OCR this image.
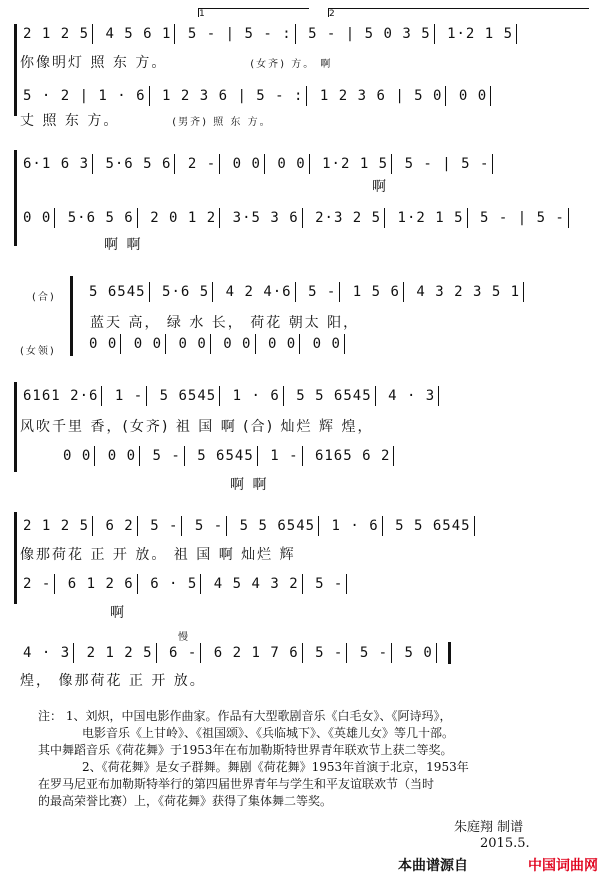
1	2
2 1 2 5 4 5 6 1 5 - | 5 - : 5 - | 5 0 3 5 1·2 1 5
你像明灯 照 东 方。	(女齐) 方。 啊
5 · 2 | 1 · 6 1 2 3 6 | 5 - : 1 2 3 6 | 5 0 0 0
丈 照 东 方。	(男齐) 照 东 方。
6·1 6 3 5·6 5 6 2 - 0 0 0 0 1·2 1 5 5 - | 5 -
啊
0 0 5·6 5 6 2 0 1 2 3·5 3 6 2·3 2 5 1·2 1 5 5 - | 5 -
啊 啊
(合)
(女领)
5 6545 5·6 5 4 2 4·6 5 - 1 5 6 4 3 2 3 5 1
蓝天 高， 绿 水 长， 荷花 朝太 阳，
0 0 0 0 0 0 0 0 0 0 0 0
6161 2·6 1 - 5 6545 1 · 6 5 5 6545 4 · 3
风吹千里 香，(女齐) 祖 国 啊 (合) 灿烂 辉 煌，
0 0 0 0 5 - 5 6545 1 - 6165 6 2
啊 啊
2 1 2 5 6 2 5 - 5 - 5 5 6545 1 · 6 5 5 6545
像那荷花 正 开 放。 祖 国 啊 灿烂 辉
2 - 6 1 2 6 6 · 5 4 5 4 3 2 5 -
啊
慢
4 · 3 2 1 2 5 6 - 6 2 1 7 6 5 - 5 - 5 0
煌， 像那荷花 正 开 放。
注： 1、刘炽，中国电影作曲家。作品有大型歌剧音乐《白毛女》、《阿诗玛》，
电影音乐《上甘岭》、《祖国颂》、《兵临城下》、《英雄儿女》等几十部。
其中舞蹈音乐《荷花舞》于1953年在布加勒斯特世界青年联欢节上获二等奖。
2、《荷花舞》是女子群舞。舞剧《荷花舞》1953年首演于北京，1953年
在罗马尼亚布加勒斯特举行的第四届世界青年与学生和平友谊联欢节（当时
的最高荣誉比赛）上，《荷花舞》获得了集体舞二等奖。
朱庭翔 制谱
2015.5.
本曲谱源自	中国词曲网
